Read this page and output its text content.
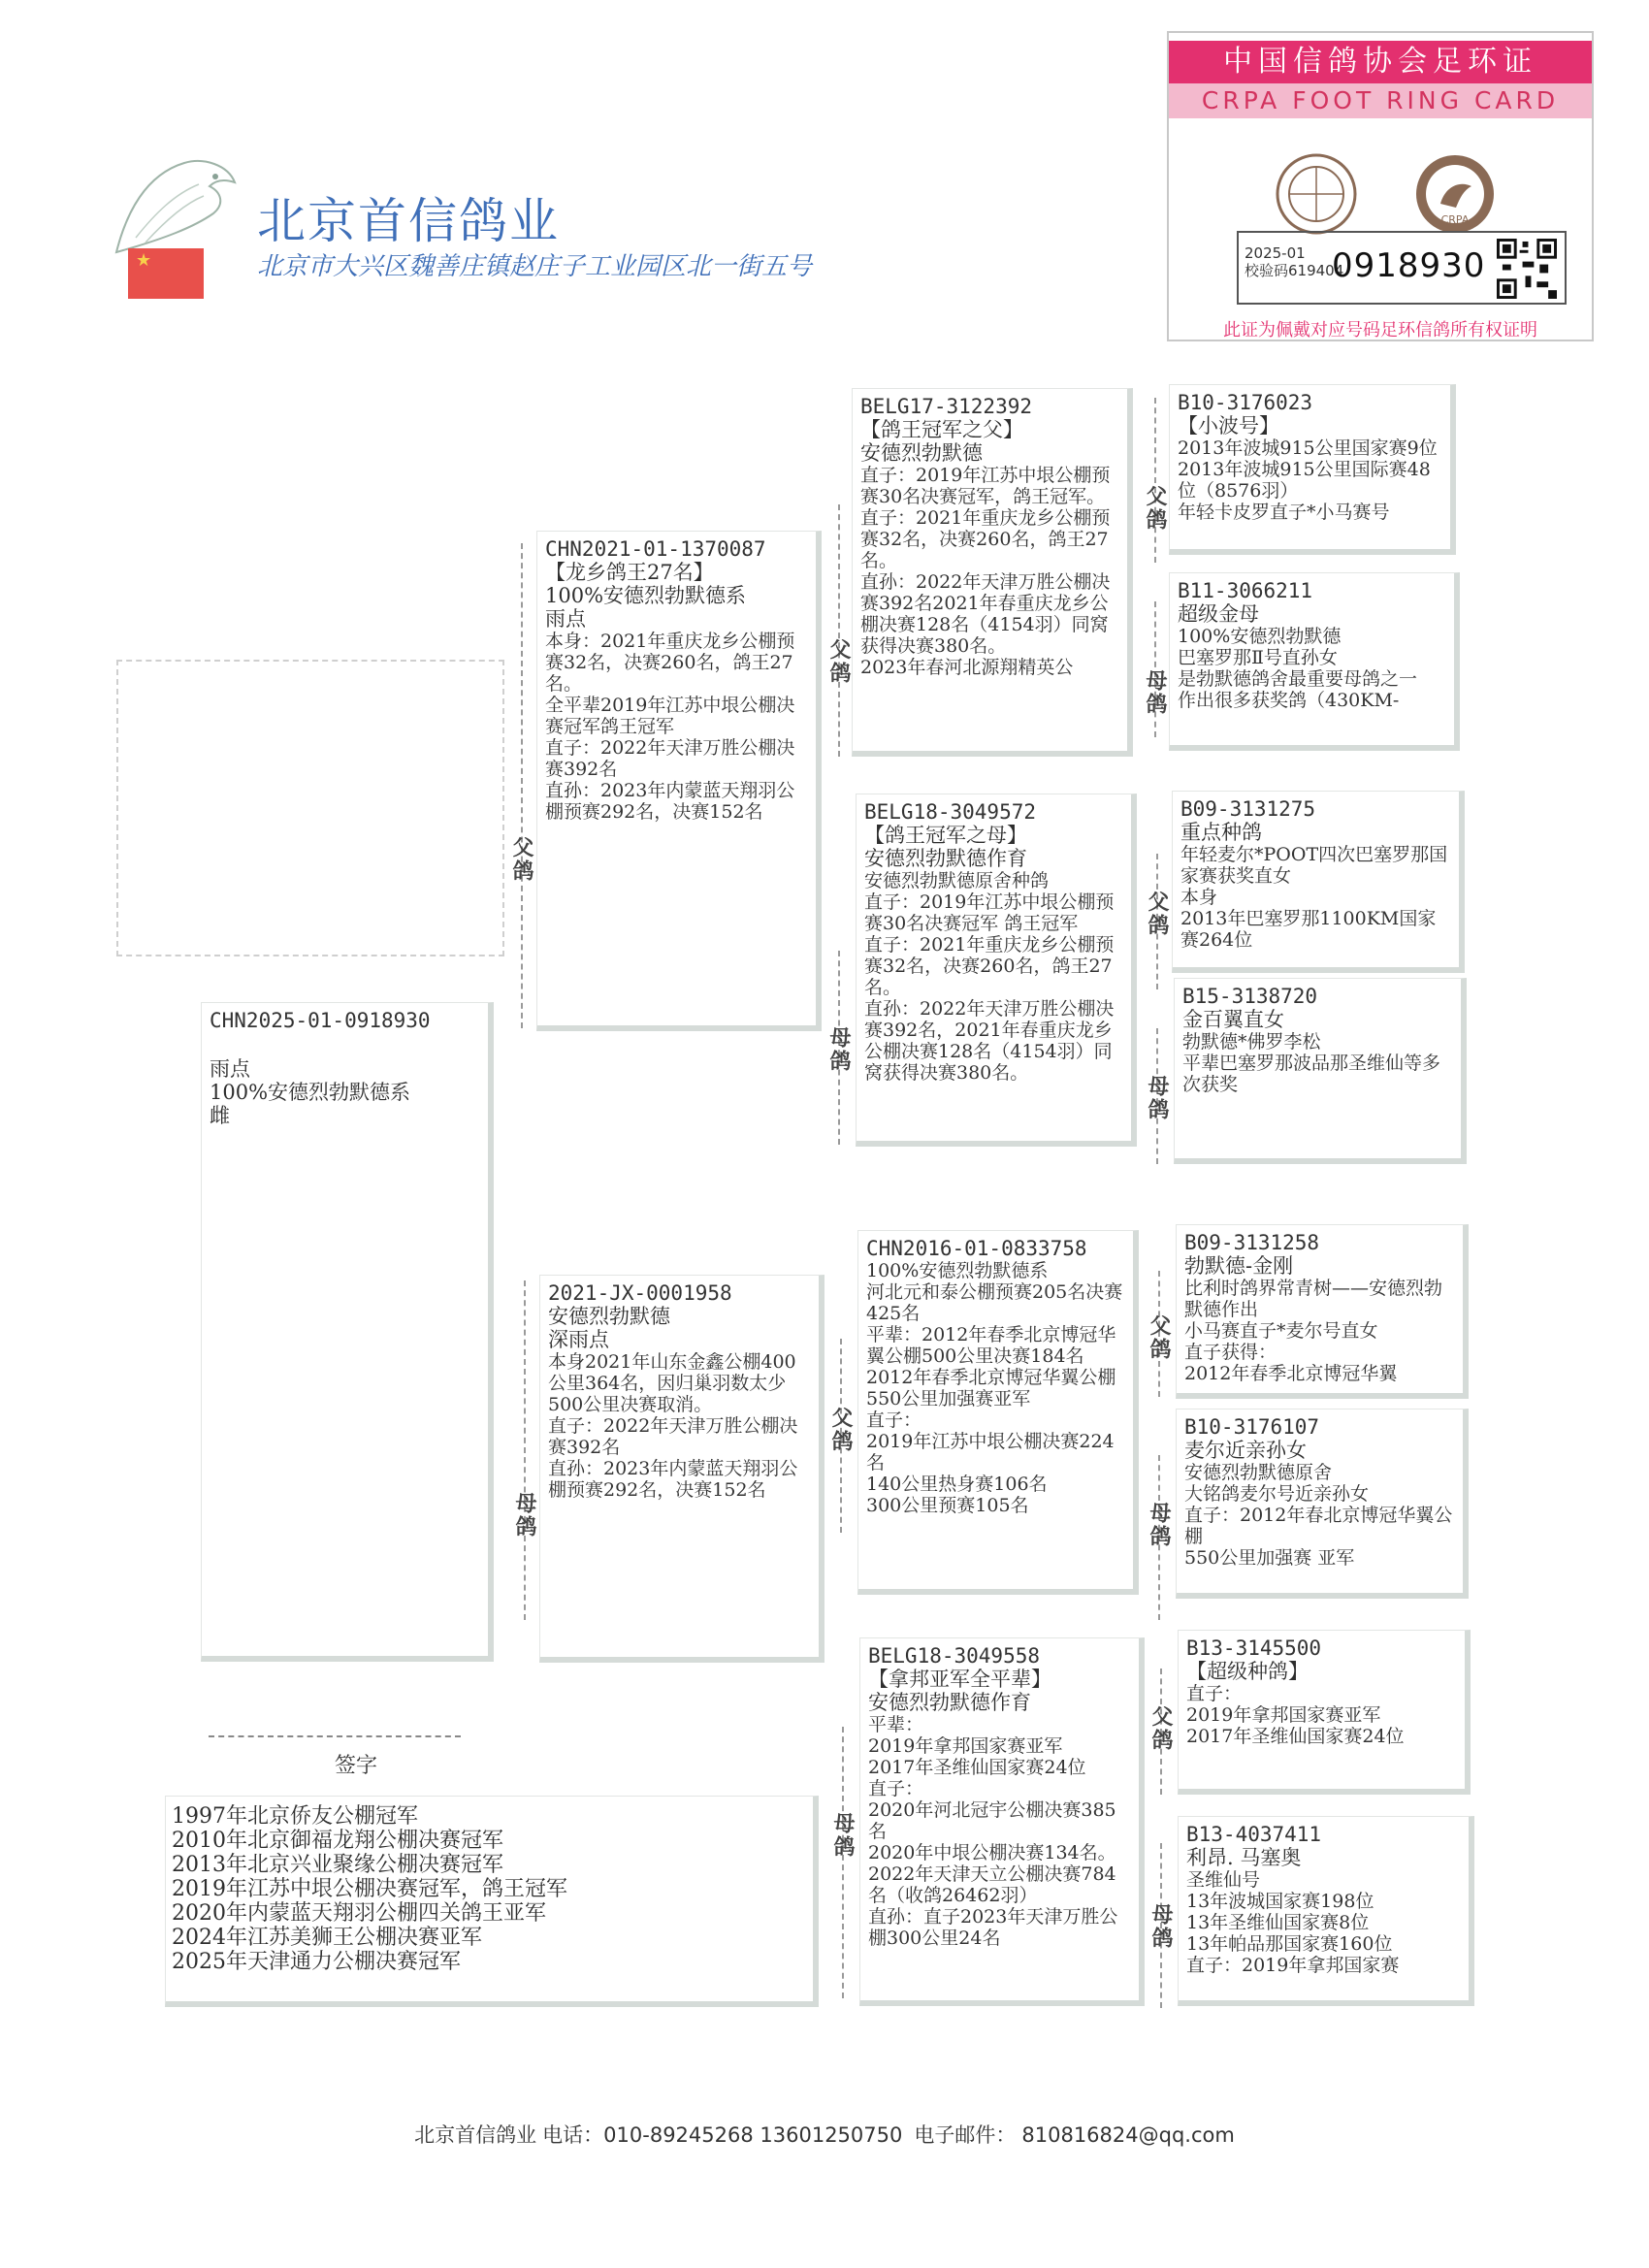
北京首信鸽业
★	北京市大兴区魏善庄镇赵庄子工业园区北一街五号
中国信鸽协会足环证
CRPA FOOT RING CARD
CRPA
2025-01
校验码619404
0918930
此证为佩戴对应号码足环信鸽所有权证明
CHN2025-01-0918930
雨点
100%安德烈勃默德系
雌
父鸽
CHN2021-01-1370087
【龙乡鸽王27名】
100%安德烈勃默德系
雨点
本身：2021年重庆龙乡公棚预赛32名，决赛260名，鸽王27名。
全平辈2019年江苏中垠公棚决赛冠军鸽王冠军
直子：2022年天津万胜公棚决赛392名
直孙：2023年内蒙蓝天翔羽公棚预赛292名，决赛152名
母鸽
2021-JX-0001958
安德烈勃默德
深雨点
本身2021年山东金鑫公棚400公里364名，因归巢羽数太少500公里决赛取消。
直子：2022年天津万胜公棚决赛392名
直孙：2023年内蒙蓝天翔羽公棚预赛292名，决赛152名
父鸽
BELG17-3122392
【鸽王冠军之父】
安德烈勃默德
直子：2019年江苏中垠公棚预赛30名决赛冠军，鸽王冠军。
直子：2021年重庆龙乡公棚预赛32名，决赛260名，鸽王27名。
直孙：2022年天津万胜公棚决赛392名2021年春重庆龙乡公棚决赛128名（4154羽）同窝获得决赛380名。
2023年春河北源翔精英公
母鸽
BELG18-3049572
【鸽王冠军之母】
安德烈勃默德作育
安德烈勃默德原舍种鸽
直子：2019年江苏中垠公棚预赛30名决赛冠军 鸽王冠军
直子：2021年重庆龙乡公棚预赛32名，决赛260名，鸽王27名。
直孙：2022年天津万胜公棚决赛392名，2021年春重庆龙乡公棚决赛128名（4154羽）同窝获得决赛380名。
父鸽
CHN2016-01-0833758
100%安德烈勃默德系
河北元和泰公棚预赛205名决赛425名
平辈：2012年春季北京博冠华翼公棚500公里决赛184名
2012年春季北京博冠华翼公棚550公里加强赛亚军
直子：
2019年江苏中垠公棚决赛224名
140公里热身赛106名
300公里预赛105名
母鸽
BELG18-3049558
【拿邦亚军全平辈】
安德烈勃默德作育
平辈：
2019年拿邦国家赛亚军
2017年圣维仙国家赛24位
直子：
2020年河北冠宇公棚决赛385名
2020年中垠公棚决赛134名。
2022年天津天立公棚决赛784名（收鸽26462羽）
直孙：直子2023年天津万胜公棚300公里24名
父鸽
B10-3176023
【小波号】
2013年波城915公里国家赛9位
2013年波城915公里国际赛48位（8576羽）
年轻卡皮罗直子*小马赛号
母鸽
B11-3066211
超级金母
100%安德烈勃默德
巴塞罗那Ⅱ号直孙女
是勃默德鸽舍最重要母鸽之一
作出很多获奖鸽（430KM-
父鸽
B09-3131275
重点种鸽
年轻麦尔*POOT四次巴塞罗那国家赛获奖直女
本身
2013年巴塞罗那1100KM国家赛264位
母鸽
B15-3138720
金百翼直女
勃默德*佛罗李松
平辈巴塞罗那波品那圣维仙等多次获奖
父鸽
B09-3131258
勃默德-金刚
比利时鸽界常青树——安德烈勃默德作出
小马赛直子*麦尔号直女
直子获得：
2012年春季北京博冠华翼
母鸽
B10-3176107
麦尔近亲孙女
安德烈勃默德原舍
大铭鸽麦尔号近亲孙女
直子：2012年春北京博冠华翼公棚
550公里加强赛 亚军
父鸽
B13-3145500
【超级种鸽】
直子：
2019年拿邦国家赛亚军
2017年圣维仙国家赛24位
母鸽
B13-4037411
利昂. 马塞奥
圣维仙号
13年波城国家赛198位
13年圣维仙国家赛8位
13年帕品那国家赛160位
直子：2019年拿邦国家赛
签字
1997年北京侨友公棚冠军
2010年北京御福龙翔公棚决赛冠军
2013年北京兴业聚缘公棚决赛冠军
2019年江苏中垠公棚决赛冠军，鸽王冠军
2020年内蒙蓝天翔羽公棚四关鸽王亚军
2024年江苏美狮王公棚决赛亚军
2025年天津通力公棚决赛冠军
北京首信鸽业 电话：010-89245268 13601250750 电子邮件： 810816824@qq.com
